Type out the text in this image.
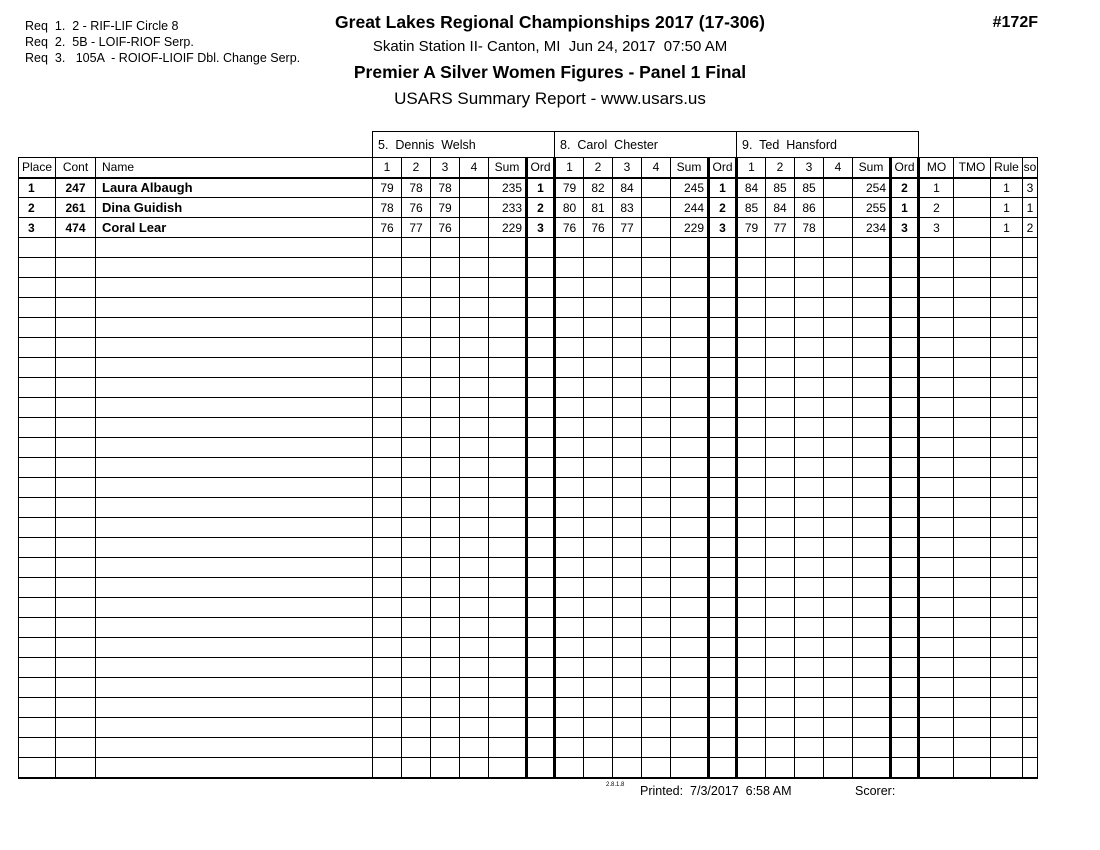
Req  1.  2 - RIF-LIF Circle 8
Req  2.  5B - LOIF-RIOF Serp.
Req  3.   105A  - ROIOF-LIOIF Dbl. Change Serp.
Great Lakes Regional Championships 2017 (17-306)
Skatin Station II- Canton, MI  Jun 24, 2017  07:50 AM
Premier A Silver Women Figures - Panel 1 Final
USARS Summary Report - www.usars.us
#172F
			5.  Dennis  Welsh						8.  Carol  Chester						9.  Ted  Hansford									
Place	Cont	Name	1	2	3	4	Sum	Ord	1	2	3	4	Sum	Ord	1	2	3	4	Sum	Ord	MO	TMO	Rule	so
1	247	Laura Albaugh	79	78	78		235	1	79	82	84		245	1	84	85	85		254	2	1		1	3
2	261	Dina Guidish	78	76	79		233	2	80	81	83		244	2	85	84	86		255	1	2		1	1
3	474	Coral Lear	76	77	76		229	3	76	76	77		229	3	79	77	78		234	3	3		1	2

2.8.1.8 Printed:  7/3/2017  6:58 AM	Scorer:
